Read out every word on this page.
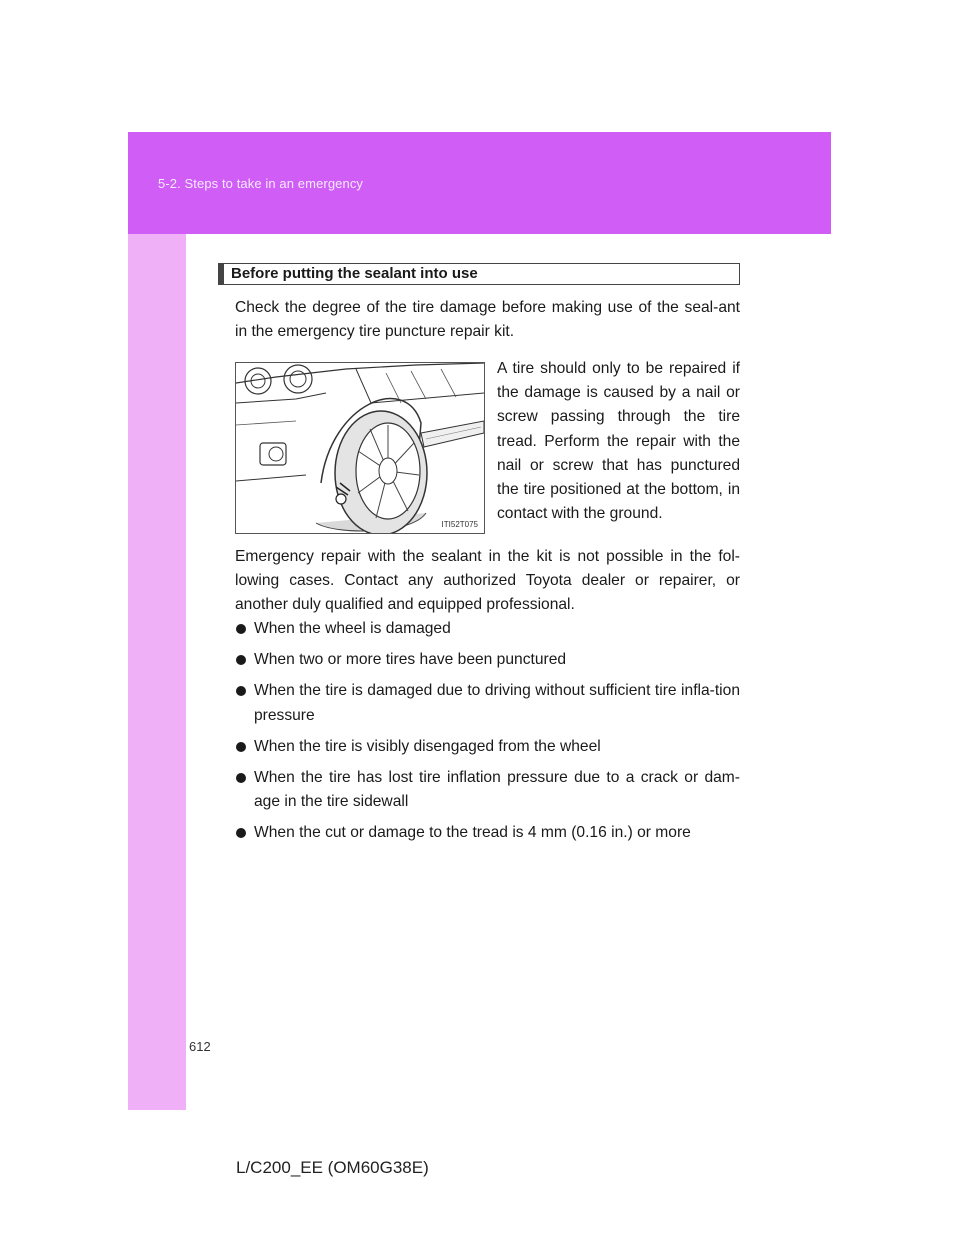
5-2. Steps to take in an emergency
Before putting the sealant into use

Check the degree of the tire damage before making use of the seal-ant in the emergency tire puncture repair kit.

ITI52T075

A tire should only to be repaired if the damage is caused by a nail or screw passing through the tire tread. Perform the repair with the nail or screw that has punctured the tire positioned at the bottom, in contact with the ground.

Emergency repair with the sealant in the kit is not possible in the fol-lowing cases. Contact any authorized Toyota dealer or repairer, or another duly qualified and equipped professional.

When the wheel is damaged
When two or more tires have been punctured
When the tire is damaged due to driving without sufficient tire infla-tion pressure
When the tire is visibly disengaged from the wheel
When the tire has lost tire inflation pressure due to a crack or dam-age in the tire sidewall
When the cut or damage to the tread is 4 mm (0.16 in.) or more
612
L/C200_EE (OM60G38E)
